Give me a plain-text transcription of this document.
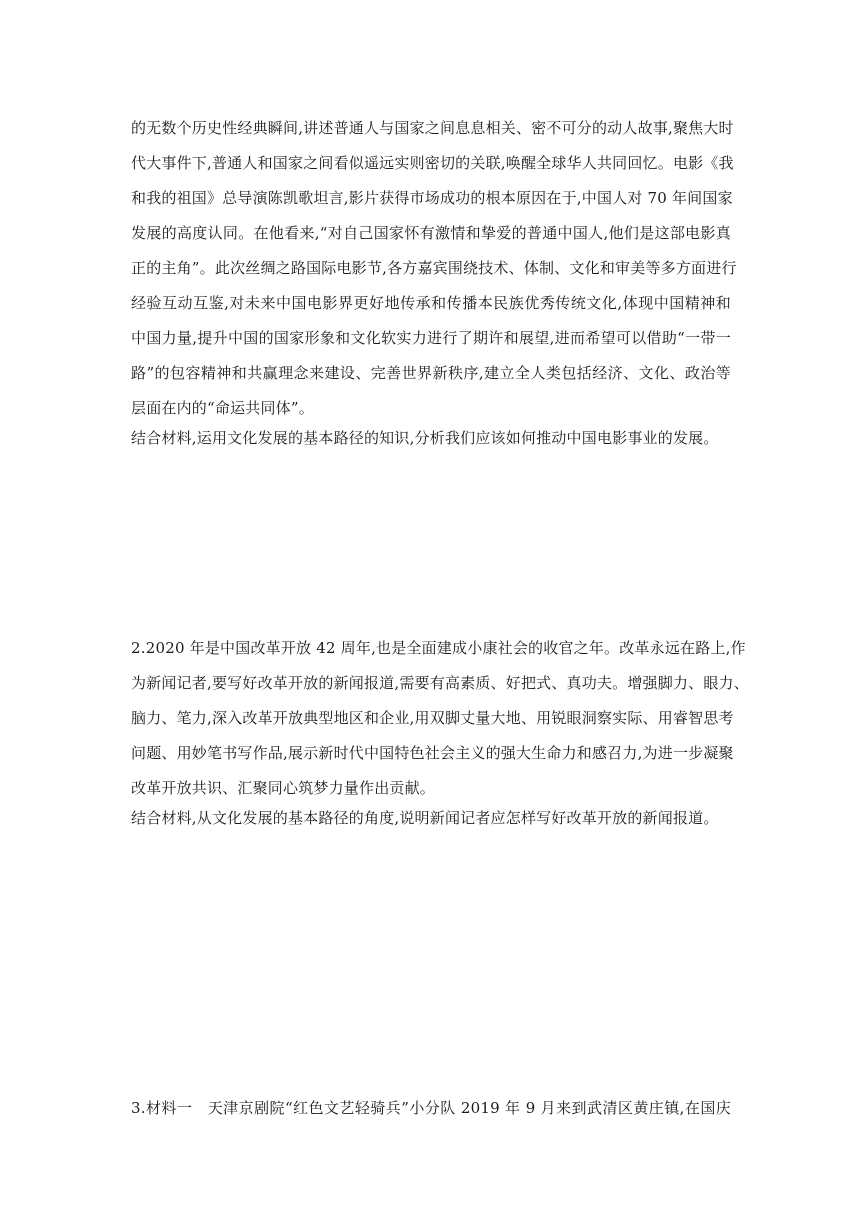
的无数个历史性经典瞬间,讲述普通人与国家之间息息相关、密不可分的动人故事,聚焦大时
代大事件下,普通人和国家之间看似遥远实则密切的关联,唤醒全球华人共同回忆。电影《我
和我的祖国》总导演陈凯歌坦言,影片获得市场成功的根本原因在于,中国人对 70 年间国家
发展的高度认同。在他看来,“对自己国家怀有激情和挚爱的普通中国人,他们是这部电影真
正的主角”。此次丝绸之路国际电影节,各方嘉宾围绕技术、体制、文化和审美等多方面进行
经验互动互鉴,对未来中国电影界更好地传承和传播本民族优秀传统文化,体现中国精神和
中国力量,提升中国的国家形象和文化软实力进行了期许和展望,进而希望可以借助“一带一
路”的包容精神和共赢理念来建设、完善世界新秩序,建立全人类包括经济、文化、政治等
层面在内的“命运共同体”。
结合材料,运用文化发展的基本路径的知识,分析我们应该如何推动中国电影事业的发展。
2.2020 年是中国改革开放 42 周年,也是全面建成小康社会的收官之年。改革永远在路上,作
为新闻记者,要写好改革开放的新闻报道,需要有高素质、好把式、真功夫。增强脚力、眼力、
脑力、笔力,深入改革开放典型地区和企业,用双脚丈量大地、用锐眼洞察实际、用睿智思考
问题、用妙笔书写作品,展示新时代中国特色社会主义的强大生命力和感召力,为进一步凝聚
改革开放共识、汇聚同心筑梦力量作出贡献。
结合材料,从文化发展的基本路径的角度,说明新闻记者应怎样写好改革开放的新闻报道。
3.材料一　天津京剧院“红色文艺轻骑兵”小分队 2019 年 9 月来到武清区黄庄镇,在国庆
